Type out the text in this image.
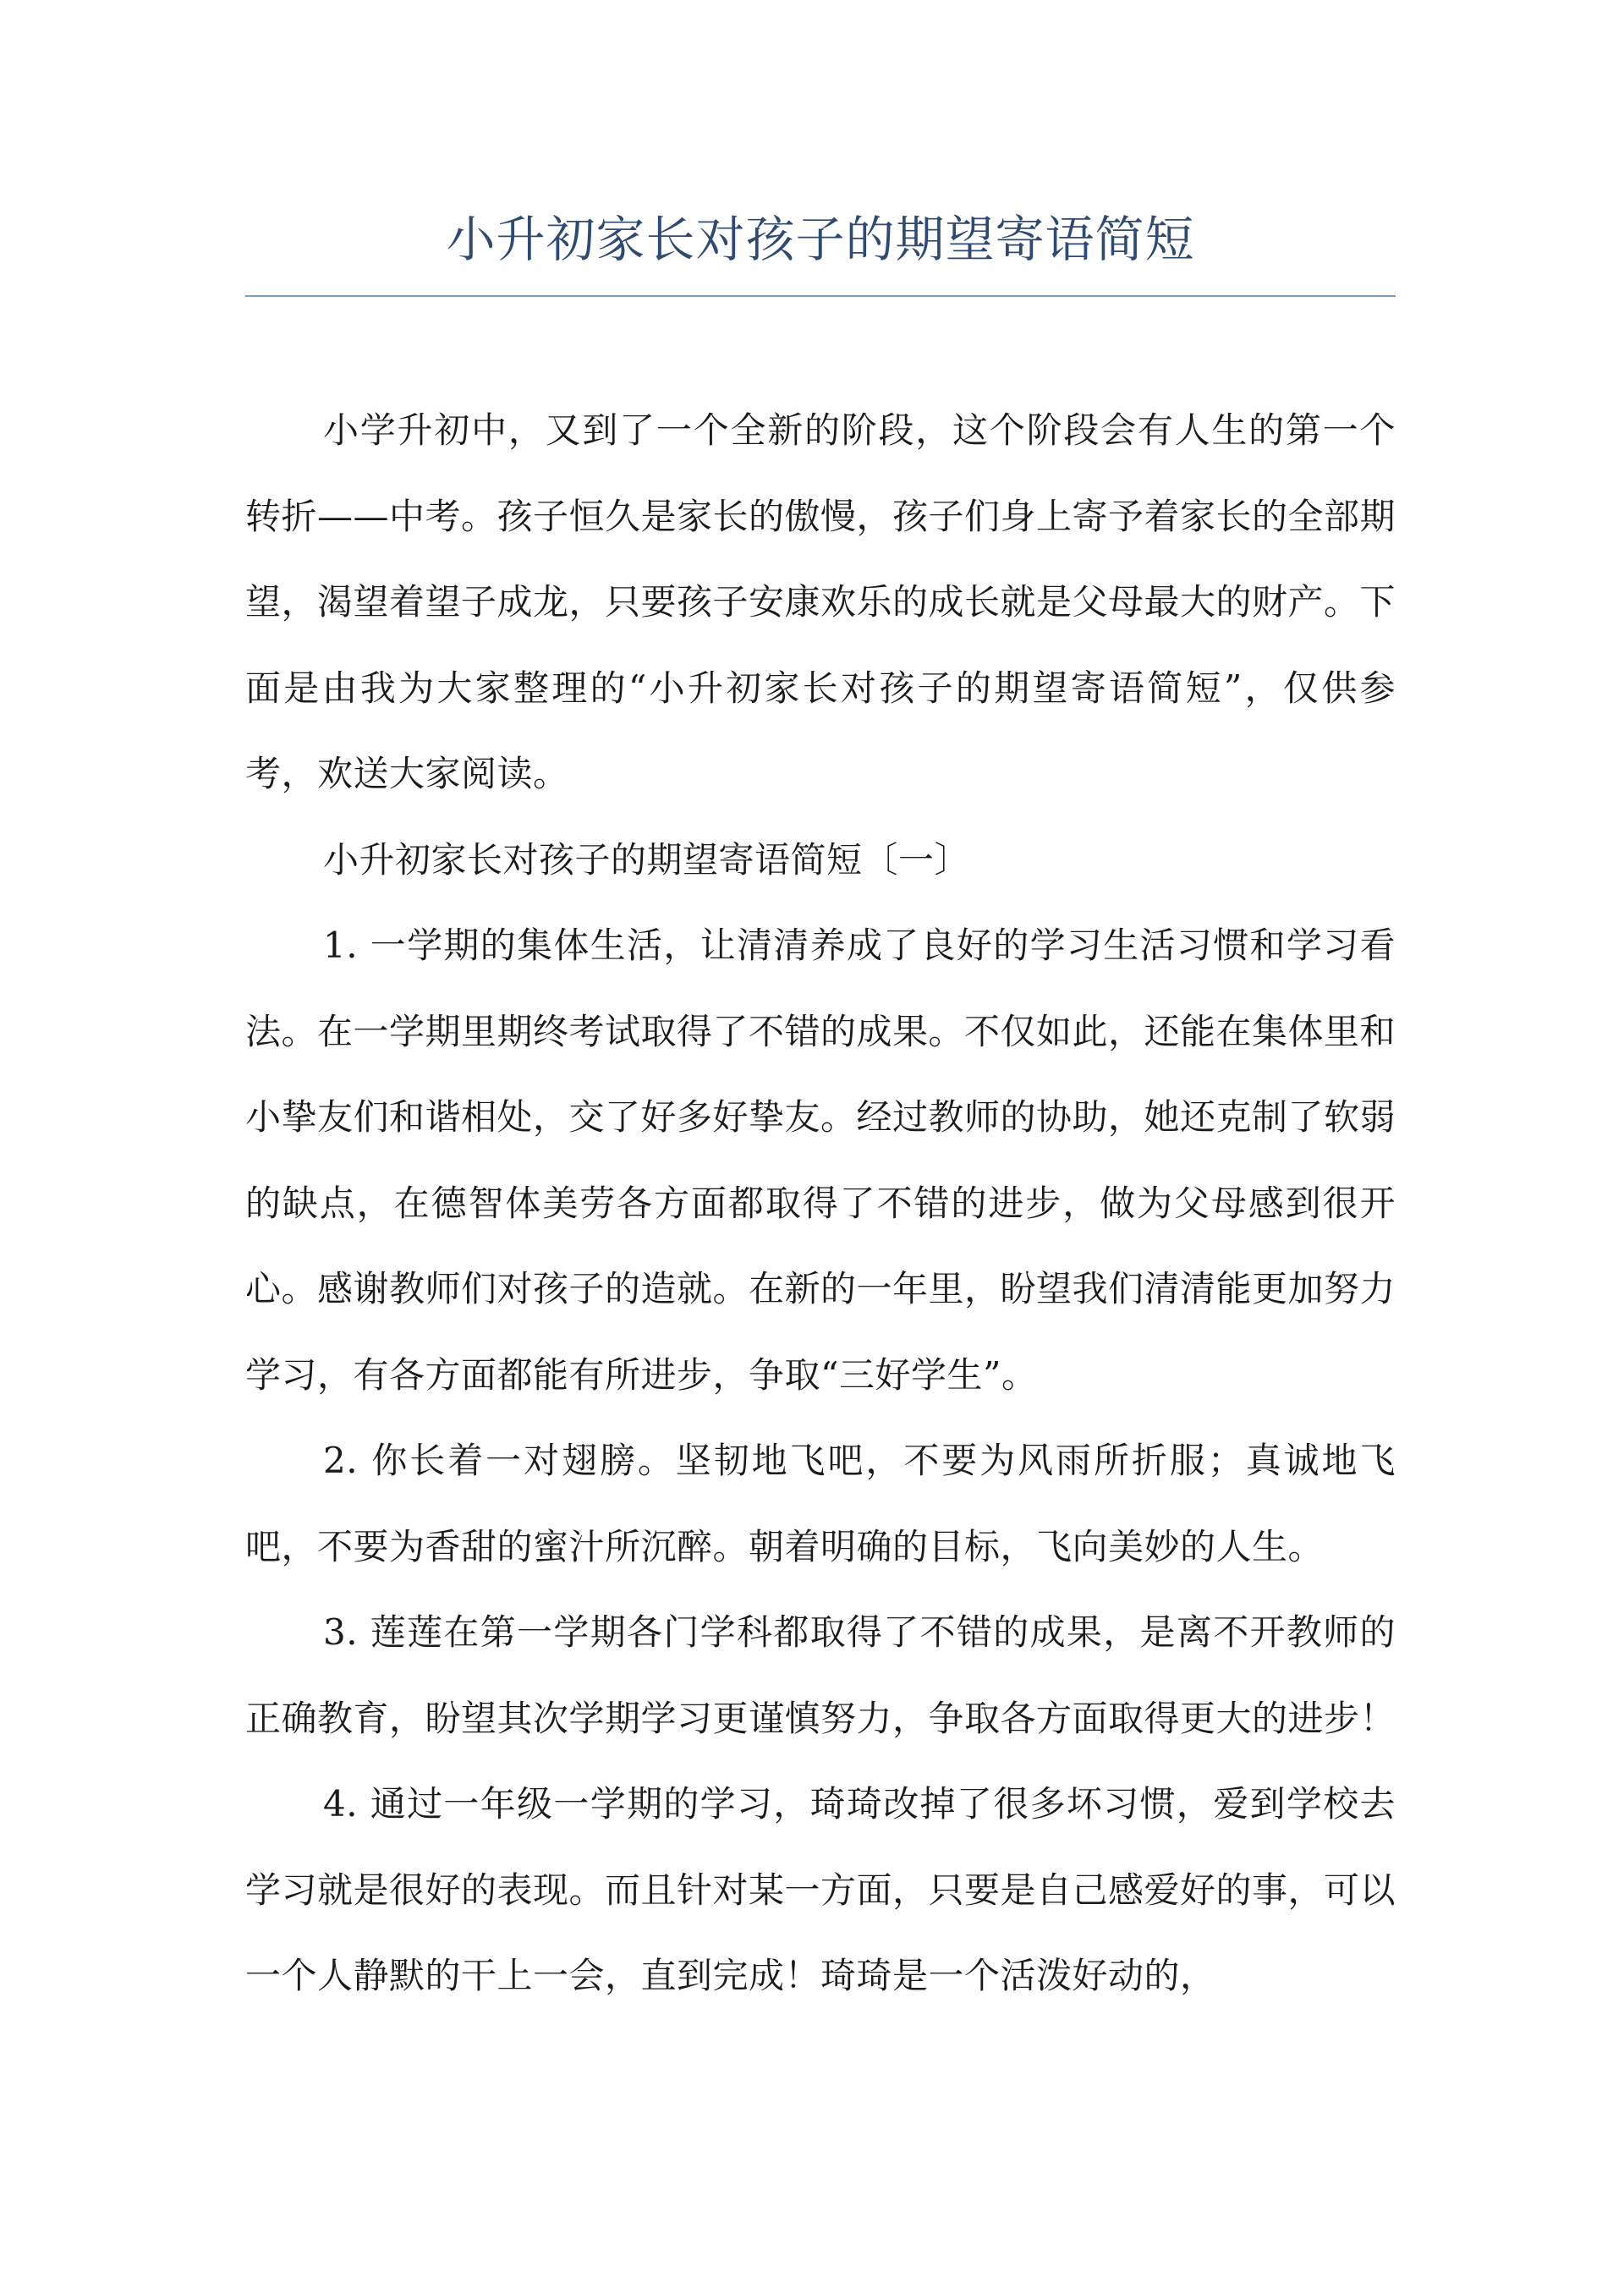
小升初家长对孩子的期望寄语简短

小学升初中，又到了一个全新的阶段，这个阶段会有人生的第一个转折——中考。孩子恒久是家长的傲慢，孩子们身上寄予着家长的全部期望，渴望着望子成龙，只要孩子安康欢乐的成长就是父母最大的财产。下面是由我为大家整理的“小升初家长对孩子的期望寄语简短”，仅供参考，欢送大家阅读。

小升初家长对孩子的期望寄语简短〔一〕

1. 一学期的集体生活，让清清养成了良好的学习生活习惯和学习看法。在一学期里期终考试取得了不错的成果。不仅如此，还能在集体里和小挚友们和谐相处，交了好多好挚友。经过教师的协助，她还克制了软弱的缺点，在德智体美劳各方面都取得了不错的进步，做为父母感到很开心。感谢教师们对孩子的造就。在新的一年里，盼望我们清清能更加努力学习，有各方面都能有所进步，争取“三好学生”。

2. 你长着一对翅膀。坚韧地飞吧，不要为风雨所折服；真诚地飞吧，不要为香甜的蜜汁所沉醉。朝着明确的目标，飞向美妙的人生。

3. 莲莲在第一学期各门学科都取得了不错的成果，是离不开教师的正确教育，盼望其次学期学习更谨慎努力，争取各方面取得更大的进步！

4. 通过一年级一学期的学习，琦琦改掉了很多坏习惯，爱到学校去学习就是很好的表现。而且针对某一方面，只要是自己感爱好的事，可以一个人静默的干上一会，直到完成！琦琦是一个活泼好动的，
